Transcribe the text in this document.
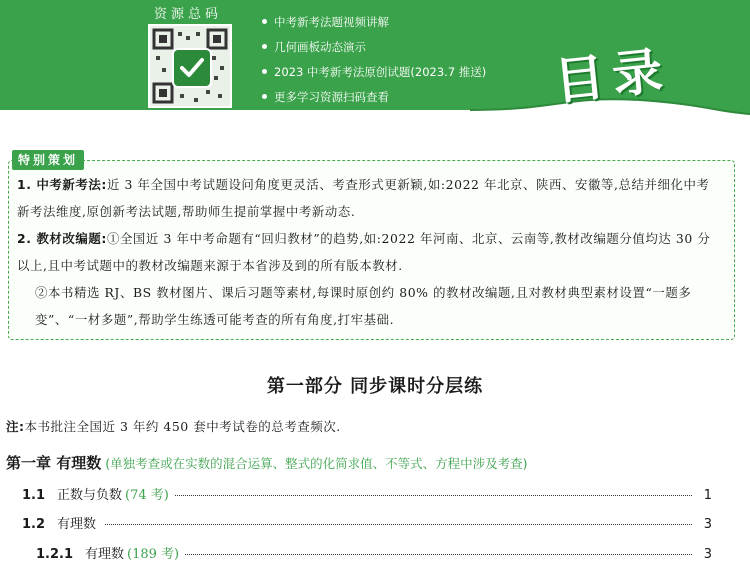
资源总码	中考新考法题视频讲解
几何画板动态演示
2023 中考新考法原创试题(2023.7 推送)
更多学习资源扫码查看	目录

1. 中考新考法:近 3 年全国中考试题设问角度更灵活、考查形式更新颖,如:2022 年北京、陕西、安徽等,总结并细化中考新考法维度,原创新考法试题,帮助师生提前掌握中考新动态.

2. 教材改编题:①全国近 3 年中考命题有“回归教材”的趋势,如:2022 年河南、北京、云南等,教材改编题分值均达 30 分以上,且中考试题中的教材改编题来源于本省涉及到的所有版本教材.

②本书精选 RJ、BS 教材图片、课后习题等素材,每课时原创约 80% 的教材改编题,且对教材典型素材设置“一题多变”、“一材多题”,帮助学生练透可能考查的所有角度,打牢基础.

特别策划
第一部分 同步课时分层练
注:本书批注全国近 3 年约 450 套中考试卷的总考查频次.
第一章 有理数 (单独考查或在实数的混合运算、整式的化简求值、不等式、方程中涉及考查)
1.1 正数与负数 (74 考)	1
1.2 有理数	3
1.2.1 有理数 (189 考)	3
